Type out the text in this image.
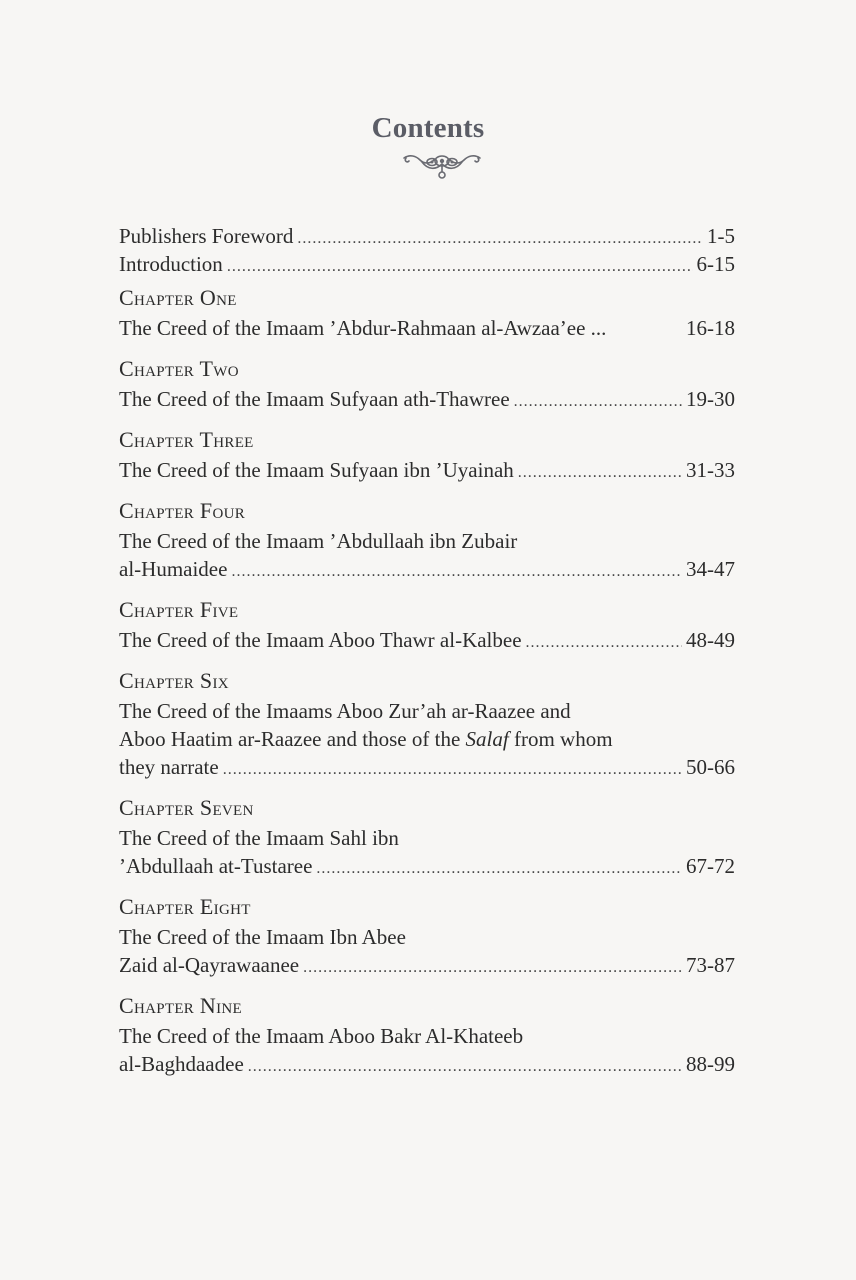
Contents
Publishers Foreword .....	1-5
Introduction .....	6-15
Chapter One
The Creed of the Imaam ’Abdur-Rahmaan al-Awzaa’ee ...	16-18
Chapter Two
The Creed of the Imaam Sufyaan ath-Thawree .....	19-30
Chapter Three
The Creed of the Imaam Sufyaan ibn ’Uyainah .....	31-33
Chapter Four
The Creed of the Imaam ’Abdullaah ibn Zubair
al-Humaidee .....	34-47
Chapter Five
The Creed of the Imaam Aboo Thawr al-Kalbee .....	48-49
Chapter Six
The Creed of the Imaams Aboo Zur’ah ar-Raazee and
Aboo Haatim ar-Raazee and those of the Salaf from whom
they narrate .....	50-66
Chapter Seven
The Creed of the Imaam Sahl ibn
’Abdullaah at-Tustaree .....	67-72
Chapter Eight
The Creed of the Imaam Ibn Abee
Zaid al-Qayrawaanee .....	73-87
Chapter Nine
The Creed of the Imaam Aboo Bakr Al-Khateeb
al-Baghdaadee .....	88-99
